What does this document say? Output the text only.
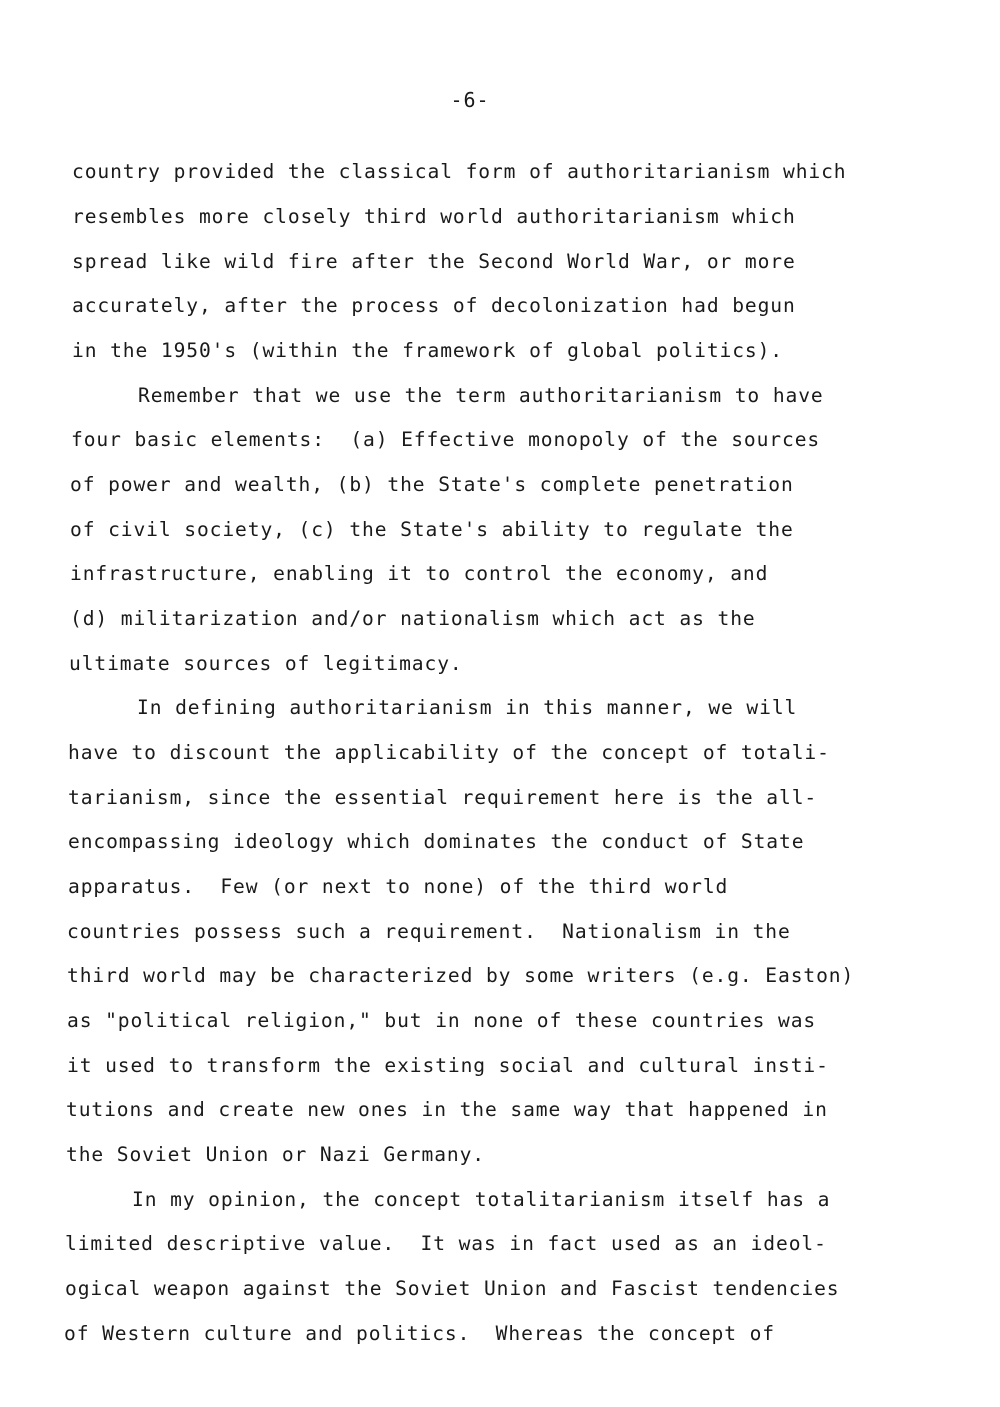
-6-
country provided the classical form of authoritarianism which
resembles more closely third world authoritarianism which
spread like wild fire after the Second World War, or more
accurately, after the process of decolonization had begun
in the 1950's (within the framework of global politics).
Remember that we use the term authoritarianism to have
four basic elements:  (a) Effective monopoly of the sources
of power and wealth, (b) the State's complete penetration
of civil society, (c) the State's ability to regulate the
infrastructure, enabling it to control the economy, and
(d) militarization and/or nationalism which act as the
ultimate sources of legitimacy.
In defining authoritarianism in this manner, we will
have to discount the applicability of the concept of totali-
tarianism, since the essential requirement here is the all-
encompassing ideology which dominates the conduct of State
apparatus.  Few (or next to none) of the third world
countries possess such a requirement.  Nationalism in the
third world may be characterized by some writers (e.g. Easton)
as "political religion," but in none of these countries was
it used to transform the existing social and cultural insti-
tutions and create new ones in the same way that happened in
the Soviet Union or Nazi Germany.
In my opinion, the concept totalitarianism itself has a
limited descriptive value.  It was in fact used as an ideol-
ogical weapon against the Soviet Union and Fascist tendencies
of Western culture and politics.  Whereas the concept of
